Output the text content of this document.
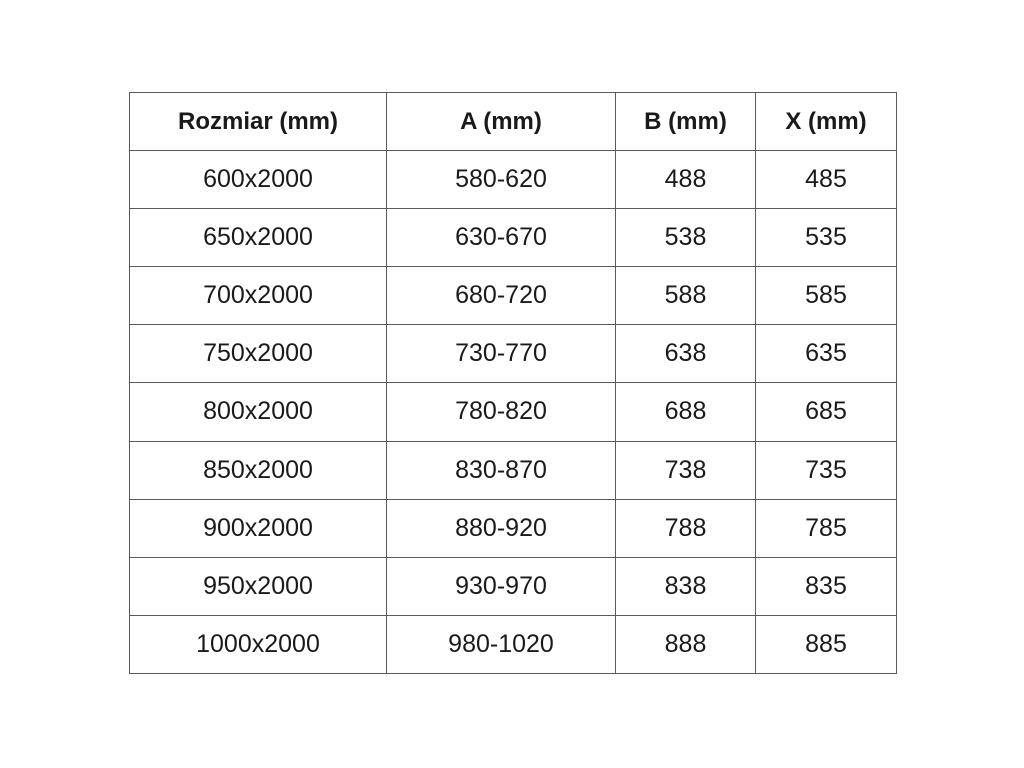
Rozmiar (mm)	A (mm)	B (mm)	X (mm)
600x2000	580-620	488	485
650x2000	630-670	538	535
700x2000	680-720	588	585
750x2000	730-770	638	635
800x2000	780-820	688	685
850x2000	830-870	738	735
900x2000	880-920	788	785
950x2000	930-970	838	835
1000x2000	980-1020	888	885
